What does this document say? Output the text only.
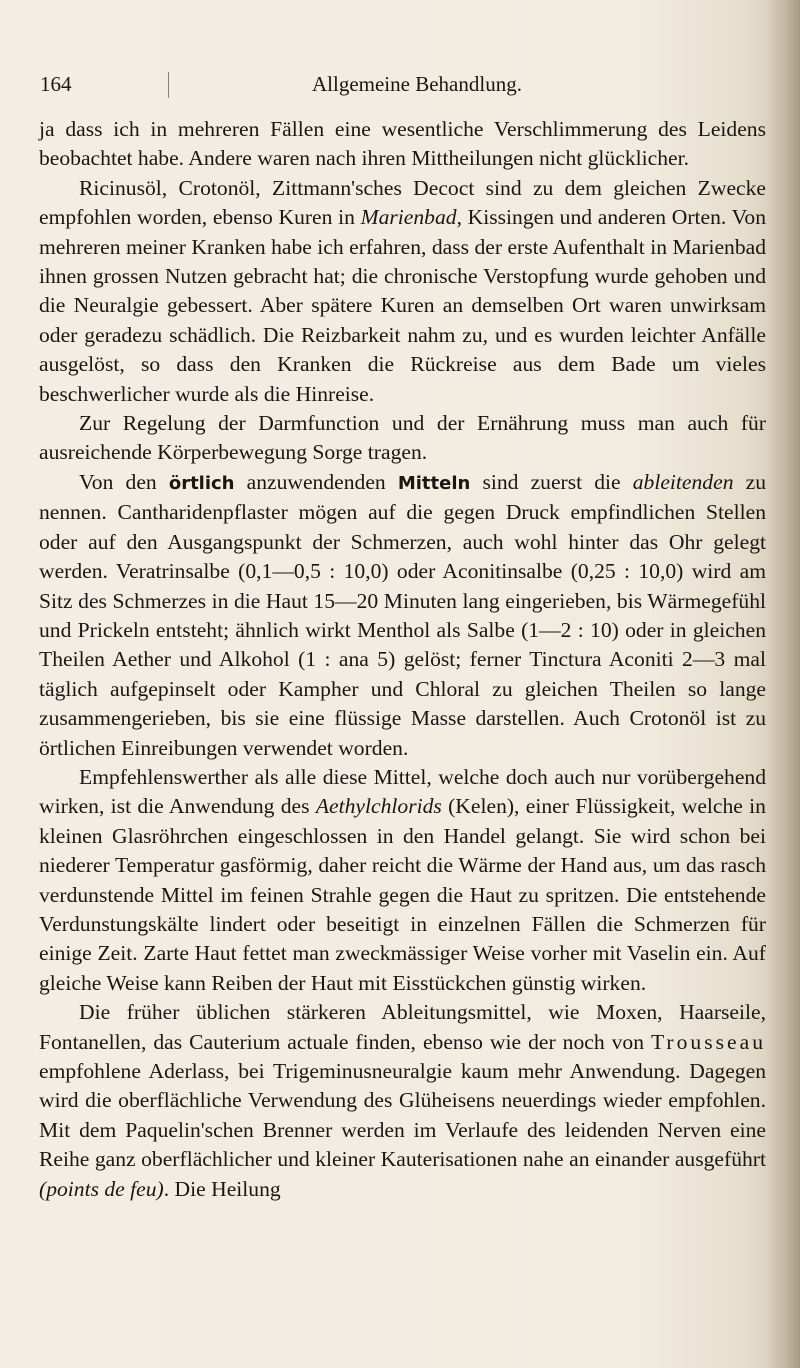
164	Allgemeine Behandlung.

ja dass ich in mehreren Fällen eine wesentliche Verschlimmerung des Leidens beobachtet habe. Andere waren nach ihren Mittheilungen nicht glücklicher.

Ricinusöl, Crotonöl, Zittmann'sches Decoct sind zu dem gleichen Zwecke empfohlen worden, ebenso Kuren in Marienbad, Kissingen und anderen Orten. Von mehreren meiner Kranken habe ich erfahren, dass der erste Aufenthalt in Marienbad ihnen grossen Nutzen gebracht hat; die chronische Verstopfung wurde gehoben und die Neuralgie gebessert. Aber spätere Kuren an demselben Ort waren unwirksam oder geradezu schädlich. Die Reizbarkeit nahm zu, und es wurden leichter Anfälle ausgelöst, so dass den Kranken die Rückreise aus dem Bade um vieles beschwerlicher wurde als die Hinreise.

Zur Regelung der Darmfunction und der Ernährung muss man auch für ausreichende Körperbewegung Sorge tragen.

Von den örtlich anzuwendenden Mitteln sind zuerst die ableitenden zu nennen. Cantharidenpflaster mögen auf die gegen Druck empfindlichen Stellen oder auf den Ausgangspunkt der Schmerzen, auch wohl hinter das Ohr gelegt werden. Veratrinsalbe (0,1—0,5 : 10,0) oder Aconitinsalbe (0,25 : 10,0) wird am Sitz des Schmerzes in die Haut 15—20 Minuten lang eingerieben, bis Wärmegefühl und Prickeln entsteht; ähnlich wirkt Menthol als Salbe (1—2 : 10) oder in gleichen Theilen Aether und Alkohol (1 : ana 5) gelöst; ferner Tinctura Aconiti 2—3 mal täglich aufgepinselt oder Kampher und Chloral zu gleichen Theilen so lange zusammengerieben, bis sie eine flüssige Masse darstellen. Auch Crotonöl ist zu örtlichen Einreibungen verwendet worden.

Empfehlenswerther als alle diese Mittel, welche doch auch nur vorübergehend wirken, ist die Anwendung des Aethylchlorids (Kelen), einer Flüssigkeit, welche in kleinen Glasröhrchen eingeschlossen in den Handel gelangt. Sie wird schon bei niederer Temperatur gasförmig, daher reicht die Wärme der Hand aus, um das rasch verdunstende Mittel im feinen Strahle gegen die Haut zu spritzen. Die entstehende Verdunstungskälte lindert oder beseitigt in einzelnen Fällen die Schmerzen für einige Zeit. Zarte Haut fettet man zweckmässiger Weise vorher mit Vaselin ein. Auf gleiche Weise kann Reiben der Haut mit Eisstückchen günstig wirken.

Die früher üblichen stärkeren Ableitungsmittel, wie Moxen, Haarseile, Fontanellen, das Cauterium actuale finden, ebenso wie der noch von Trousseau empfohlene Aderlass, bei Trigeminusneuralgie kaum mehr Anwendung. Dagegen wird die oberflächliche Verwendung des Glüheisens neuerdings wieder empfohlen. Mit dem Paquelin'schen Brenner werden im Verlaufe des leidenden Nerven eine Reihe ganz oberflächlicher und kleiner Kauterisationen nahe an einander ausgeführt (points de feu). Die Heilung
